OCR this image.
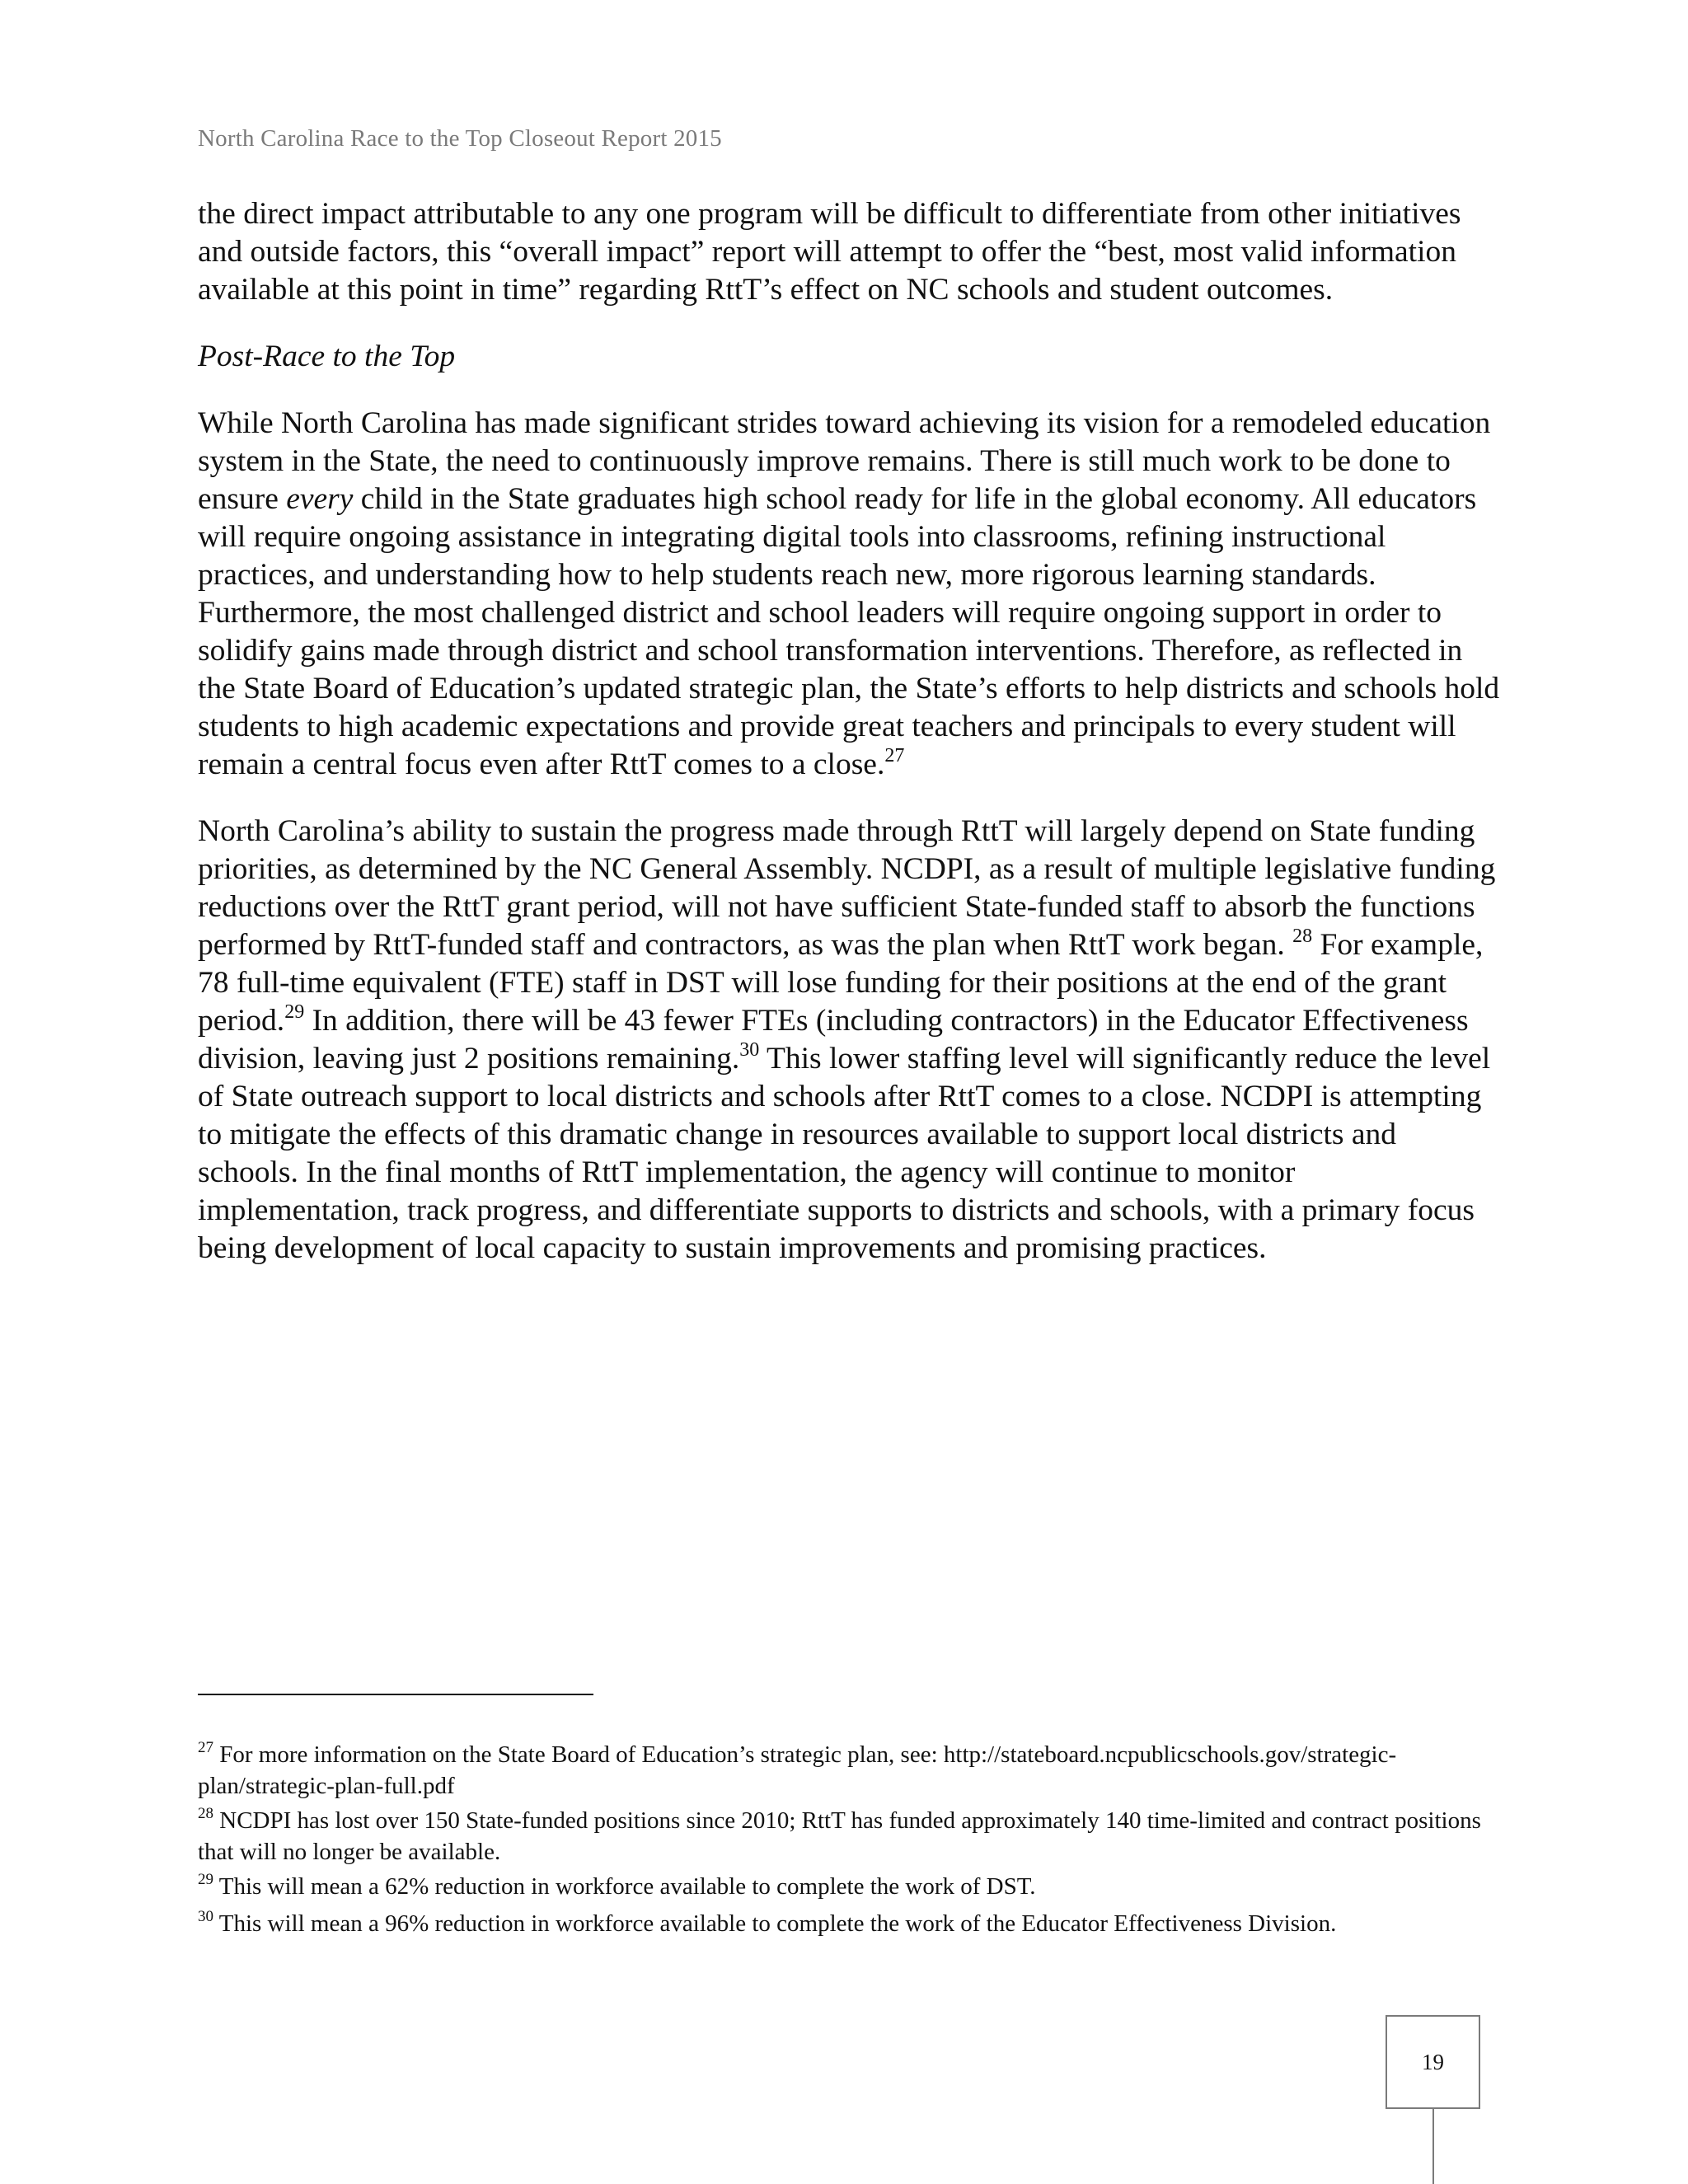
North Carolina Race to the Top Closeout Report 2015

the direct impact attributable to any one program will be difficult to differentiate from other initiatives and outside factors, this “overall impact” report will attempt to offer the “best, most valid information available at this point in time” regarding RttT’s effect on NC schools and student outcomes.

Post-Race to the Top

While North Carolina has made significant strides toward achieving its vision for a remodeled education system in the State, the need to continuously improve remains. There is still much work to be done to ensure every child in the State graduates high school ready for life in the global economy. All educators will require ongoing assistance in integrating digital tools into classrooms, refining instructional practices, and understanding how to help students reach new, more rigorous learning standards. Furthermore, the most challenged district and school leaders will require ongoing support in order to solidify gains made through district and school transformation interventions. Therefore, as reflected in the State Board of Education’s updated strategic plan, the State’s efforts to help districts and schools hold students to high academic expectations and provide great teachers and principals to every student will remain a central focus even after RttT comes to a close.$^{27}$

North Carolina’s ability to sustain the progress made through RttT will largely depend on State funding priorities, as determined by the NC General Assembly. NCDPI, as a result of multiple legislative funding reductions over the RttT grant period, will not have sufficient State-funded staff to absorb the functions performed by RttT-funded staff and contractors, as was the plan when RttT work began. $^{28}$ For example, 78 full-time equivalent (FTE) staff in DST will lose funding for their positions at the end of the grant period.$^{29}$ In addition, there will be 43 fewer FTEs (including contractors) in the Educator Effectiveness division, leaving just 2 positions remaining.$^{30}$ This lower staffing level will significantly reduce the level of State outreach support to local districts and schools after RttT comes to a close. NCDPI is attempting to mitigate the effects of this dramatic change in resources available to support local districts and schools. In the final months of RttT implementation, the agency will continue to monitor implementation, track progress, and differentiate supports to districts and schools, with a primary focus being development of local capacity to sustain improvements and promising practices.

$^{27}$ For more information on the State Board of Education’s strategic plan, see: http://stateboard.ncpublicschools.gov/strategic-plan/strategic-plan-full.pdf
$^{28}$ NCDPI has lost over 150 State-funded positions since 2010; RttT has funded approximately 140 time-limited and contract positions that will no longer be available.
$^{29}$ This will mean a 62% reduction in workforce available to complete the work of DST.
$^{30}$ This will mean a 96% reduction in workforce available to complete the work of the Educator Effectiveness Division.
19
